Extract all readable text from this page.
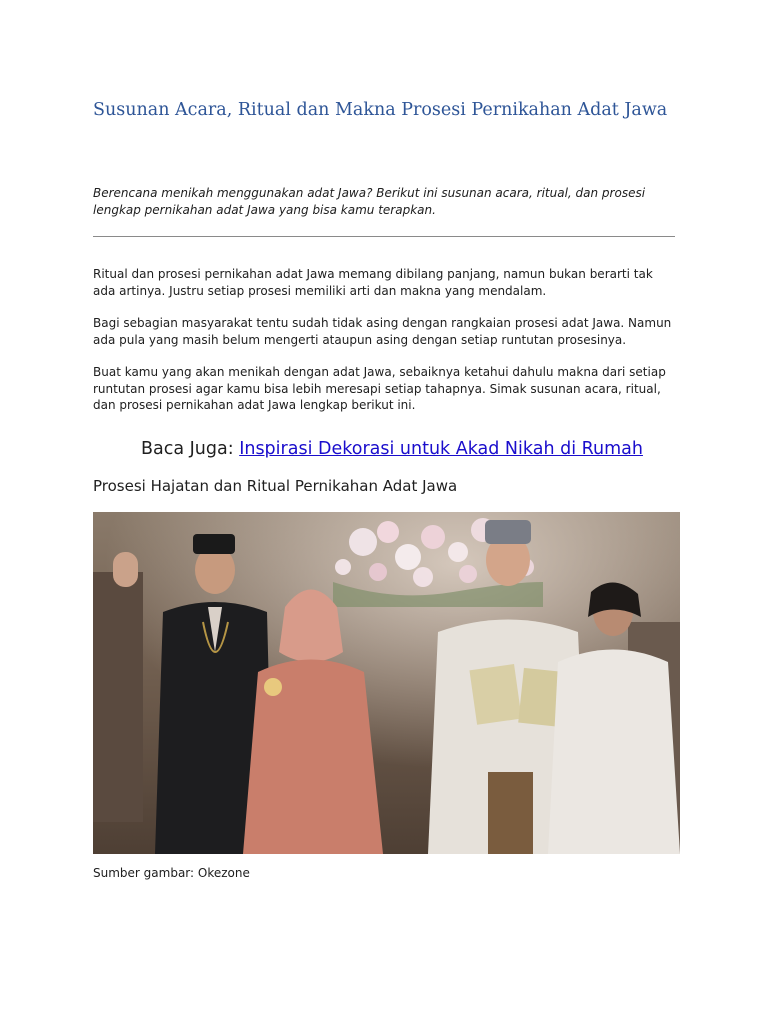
Susunan Acara, Ritual dan Makna Prosesi Pernikahan Adat Jawa

Berencana menikah menggunakan adat Jawa? Berikut ini susunan acara, ritual, dan prosesi lengkap pernikahan adat Jawa yang bisa kamu terapkan.

Ritual dan prosesi pernikahan adat Jawa memang dibilang panjang, namun bukan berarti tak ada artinya. Justru setiap prosesi memiliki arti dan makna yang mendalam.

Bagi sebagian masyarakat tentu sudah tidak asing dengan rangkaian prosesi adat Jawa. Namun ada pula yang masih belum mengerti ataupun asing dengan setiap runtutan prosesinya.

Buat kamu yang akan menikah dengan adat Jawa, sebaiknya ketahui dahulu makna dari setiap runtutan prosesi agar kamu bisa lebih meresapi setiap tahapnya. Simak susunan acara, ritual, dan prosesi pernikahan adat Jawa lengkap berikut ini.

Baca Juga: Inspirasi Dekorasi untuk Akad Nikah di Rumah

Prosesi Hajatan dan Ritual Pernikahan Adat Jawa

Sumber gambar: Okezone
